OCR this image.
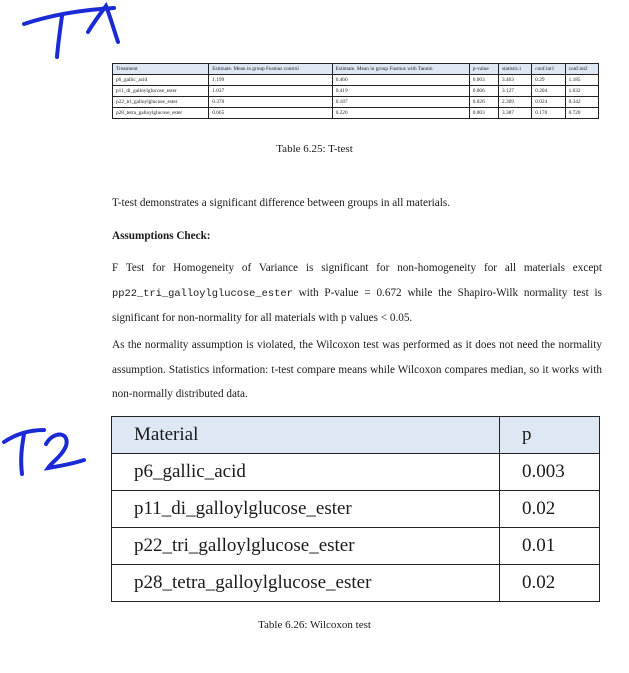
Treatment	Estimate. Mean in group Fusmus control	Estimate. Mean in group Fusmus with Tannin	p-value	statistic.t	conf.int1	conf.int2
p6_gallic_acid	1.199	0.460	0.003	3.463	0.29	1.185
p11_di_galloylglucose_ester	1.037	0.419	0.006	3.127	0.204	1.032
p22_tri_galloylglucose_ester	0.370	0.187	0.026	2.369	0.024	0.342
p28_tetra_galloylglucose_ester	0.665	0.220	0.003	3.387	0.170	0.720
Table 6.25: T-test
T-test demonstrates a significant difference between groups in all materials.
Assumptions Check:
F Test for Homogeneity of Variance is significant for non-homogeneity for all materials except pp22_tri_galloylglucose_ester with P-value = 0.672 while the Shapiro-Wilk normality test is significant for non-normality for all materials with p values < 0.05.
As the normality assumption is violated, the Wilcoxon test was performed as it does not need the normality assumption. Statistics information: t-test compare means while Wilcoxon compares median, so it works with non-normally distributed data.
Material	p
p6_gallic_acid	0.003
p11_di_galloylglucose_ester	0.02
p22_tri_galloylglucose_ester	0.01
p28_tetra_galloylglucose_ester	0.02
Table 6.26: Wilcoxon test
